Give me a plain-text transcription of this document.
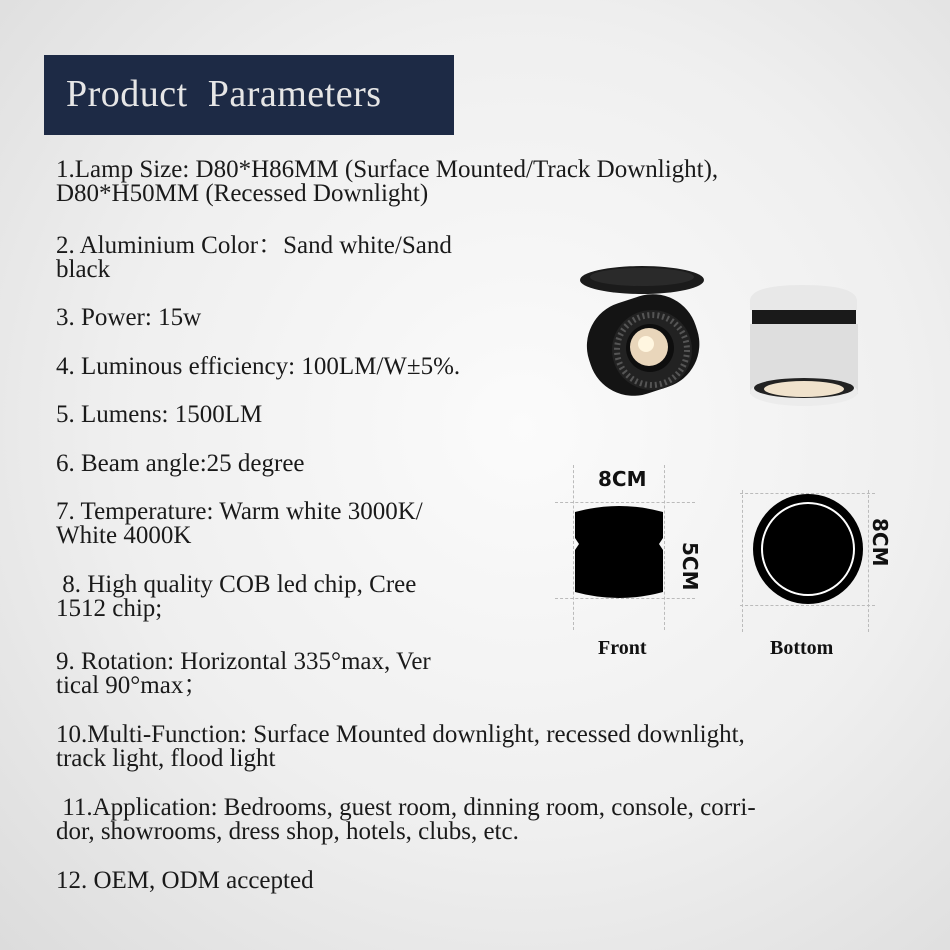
Product  Parameters
1.Lamp Size: D80*H86MM (Surface Mounted/Track Downlight),
D80*H50MM (Recessed Downlight)
2. Aluminium Color：Sand white/Sand
black
3. Power: 15w
4. Luminous efficiency: 100LM/W±5%.
5. Lumens: 1500LM
6. Beam angle:25 degree
7. Temperature: Warm white 3000K/
White 4000K
8. High quality COB led chip, Cree
1512 chip;
9. Rotation: Horizontal 335°max, Ver
tical 90°max；
10.Multi-Function: Surface Mounted downlight, recessed downlight,
track light, flood light
11.Application: Bedrooms, guest room, dinning room, console, corri-
dor, showrooms, dress shop, hotels, clubs, etc.
12. OEM, ODM accepted
8CM
5CM
Front
8CM
Bottom
